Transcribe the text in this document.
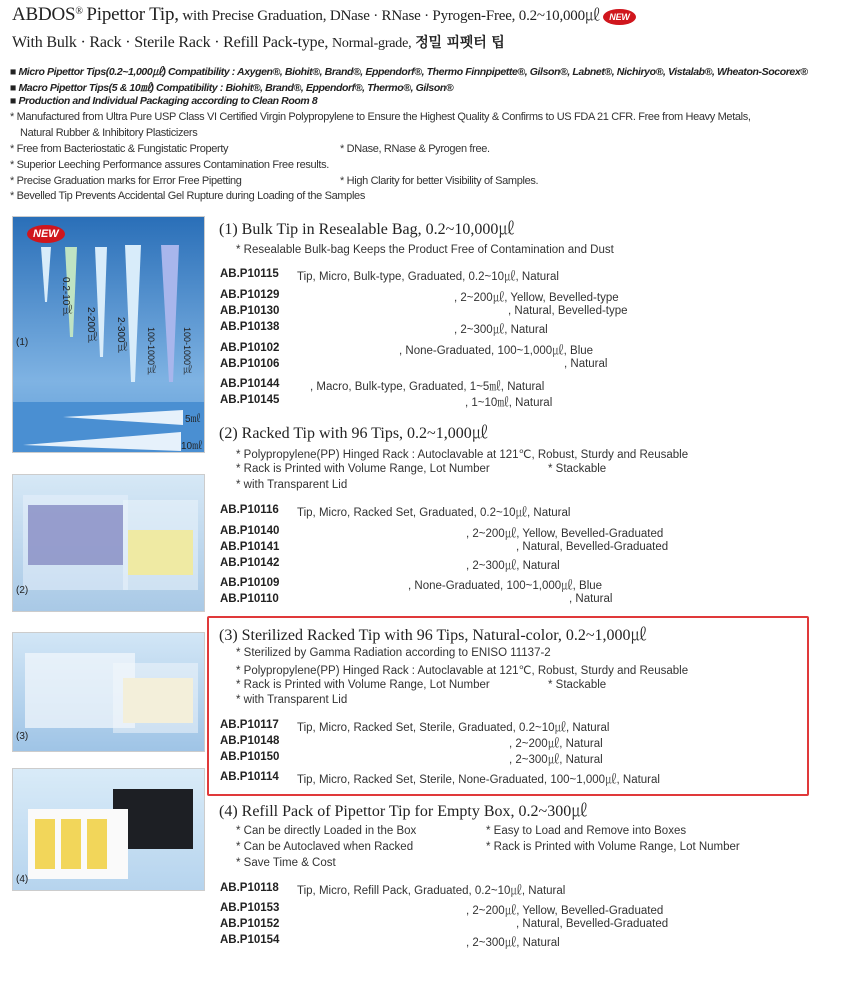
ABDOS® Pipettor Tip, with Precise Graduation, DNase · RNase · Pyrogen-Free, 0.2~10,000㎕ NEW
With Bulk · Rack · Sterile Rack · Refill Pack-type, Normal-grade, 정밀 피펫터 팁
■ Micro Pipettor Tips(0.2~1,000㎕) Compatibility : Axygen®, Biohit®, Brand®, Eppendorf®, Thermo Finnpipette®, Gilson®, Labnet®, Nichiryo®, Vistalab®, Wheaton-Socorex®
■ Macro Pipettor Tips(5 & 10㎖) Compatibility : Biohit®, Brand®, Eppendorf®, Thermo®, Gilson®
■ Production and Individual Packaging according to Clean Room 8
* Manufactured from Ultra Pure USP Class VI Certified Virgin Polypropylene to Ensure the Highest Quality & Confirms to US FDA 21 CFR. Free from Heavy Metals,
Natural Rubber & Inhibitory Plasticizers
* Free from Bacteriostatic & Fungistatic Property	* DNase, RNase & Pyrogen free.
* Superior Leeching Performance assures Contamination Free results.
* Precise Graduation marks for Error Free Pipetting	* High Clarity for better Visibility of Samples.
* Bevelled Tip Prevents Accidental Gel Rupture during Loading of the Samples
NEW
0.2-10㎕
2-200㎕ 2-300㎕ 100-1000㎕	100-1000㎕
(1)
5㎖
10㎖
(2)
(3)
(4)
(1) Bulk Tip in Resealable Bag, 0.2~10,000㎕
* Resealable Bulk-bag Keeps the Product Free of Contamination and Dust
AB.P10115 Tip, Micro, Bulk-type, Graduated, 0.2~10㎕, Natural
AB.P10129	, 2~200㎕, Yellow, Bevelled-type
AB.P10130	, Natural, Bevelled-type
AB.P10138	, 2~300㎕, Natural
AB.P10102	, None-Graduated, 100~1,000㎕, Blue
AB.P10106	, Natural
AB.P10144	, Macro, Bulk-type, Graduated, 1~5㎖, Natural
AB.P10145	, 1~10㎖, Natural
(2) Racked Tip with 96 Tips, 0.2~1,000㎕
* Polypropylene(PP) Hinged Rack : Autoclavable at 121℃, Robust, Sturdy and Reusable
* Rack is Printed with Volume Range, Lot Number	* Stackable
* with Transparent Lid
AB.P10116 Tip, Micro, Racked Set, Graduated, 0.2~10㎕, Natural
AB.P10140	, 2~200㎕, Yellow, Bevelled-Graduated
AB.P10141	, Natural, Bevelled-Graduated
AB.P10142	, 2~300㎕, Natural
AB.P10109	, None-Graduated, 100~1,000㎕, Blue
AB.P10110	, Natural
(3) Sterilized Racked Tip with 96 Tips, Natural-color, 0.2~1,000㎕
* Sterilized by Gamma Radiation according to ENISO 11137-2
* Polypropylene(PP) Hinged Rack : Autoclavable at 121℃, Robust, Sturdy and Reusable
* Rack is Printed with Volume Range, Lot Number	* Stackable
* with Transparent Lid
AB.P10117 Tip, Micro, Racked Set, Sterile, Graduated, 0.2~10㎕, Natural
AB.P10148	, 2~200㎕, Natural
AB.P10150	, 2~300㎕, Natural
AB.P10114 Tip, Micro, Racked Set, Sterile, None-Graduated, 100~1,000㎕, Natural
(4) Refill Pack of Pipettor Tip for Empty Box, 0.2~300㎕
* Can be directly Loaded in the Box	* Easy to Load and Remove into Boxes
* Can be Autoclaved when Racked	* Rack is Printed with Volume Range, Lot Number
* Save Time & Cost
AB.P10118 Tip, Micro, Refill Pack, Graduated, 0.2~10㎕, Natural
AB.P10153	, 2~200㎕, Yellow, Bevelled-Graduated
AB.P10152	, Natural, Bevelled-Graduated
AB.P10154	, 2~300㎕, Natural
